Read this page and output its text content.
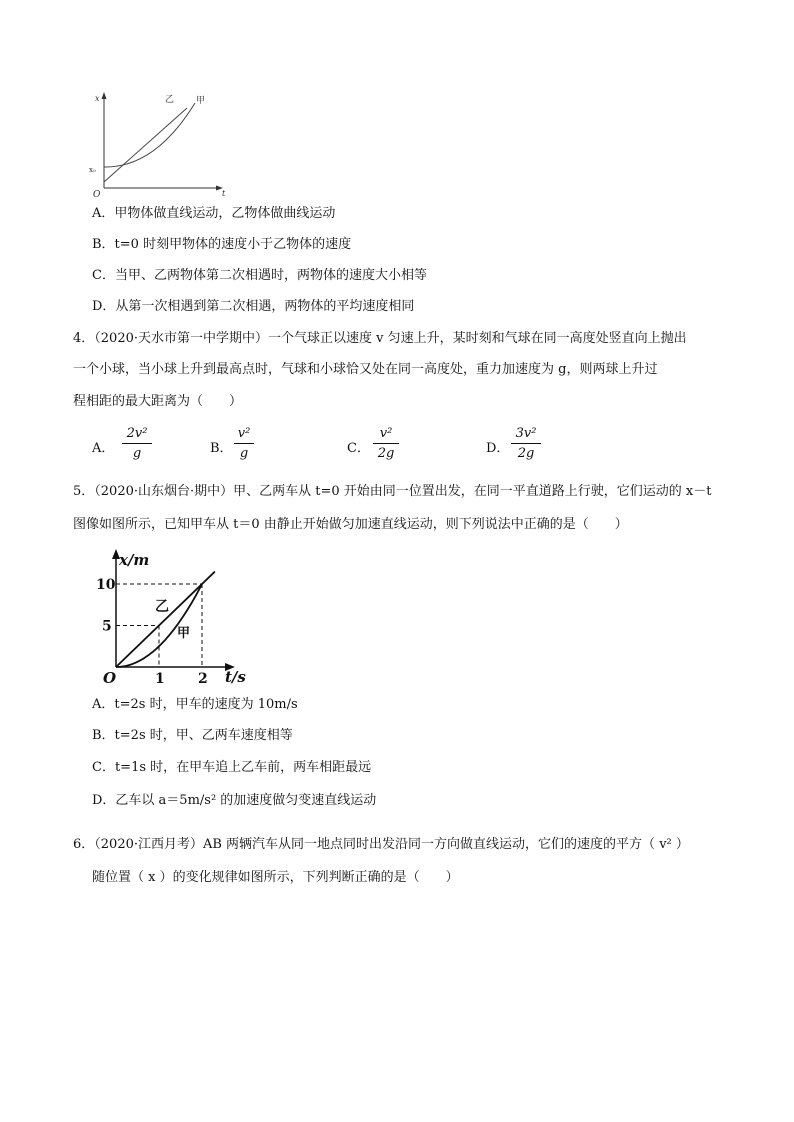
x
t
O
x₀
乙 甲
A．甲物体做直线运动，乙物体做曲线运动
B．t=0 时刻甲物体的速度小于乙物体的速度
C．当甲、乙两物体第二次相遇时，两物体的速度大小相等
D．从第一次相遇到第二次相遇，两物体的平均速度相同
4．（2020·天水市第一中学期中）一个气球正以速度 v 匀速上升，某时刻和气球在同一高度处竖直向上抛出
一个小球，当小球上升到最高点时，气球和小球恰又处在同一高度处，重力加速度为 g，则两球上升过
程相距的最大距离为（　　）
A．
2v²
g	B．
v²
g	C．
v²
2g	D．
3v²
2g
5．（2020·山东烟台·期中）甲、乙两车从 t=0 开始由同一位置出发，在同一平直道路上行驶，它们运动的 x－t
图像如图所示，已知甲车从 t＝0 由静止开始做匀加速直线运动，则下列说法中正确的是（　　）
1 2
5
10
x/m
t/s
O
乙
甲
A．t=2s 时，甲车的速度为 10m/s
B．t=2s 时，甲、乙两车速度相等
C．t=1s 时，在甲车追上乙车前，两车相距最远
D．乙车以 a＝5m/s² 的加速度做匀变速直线运动
6．（2020·江西月考）AB 两辆汽车从同一地点同时出发沿同一方向做直线运动，它们的速度的平方（ v² ）
随位置（ x ）的变化规律如图所示，下列判断正确的是（　　）
